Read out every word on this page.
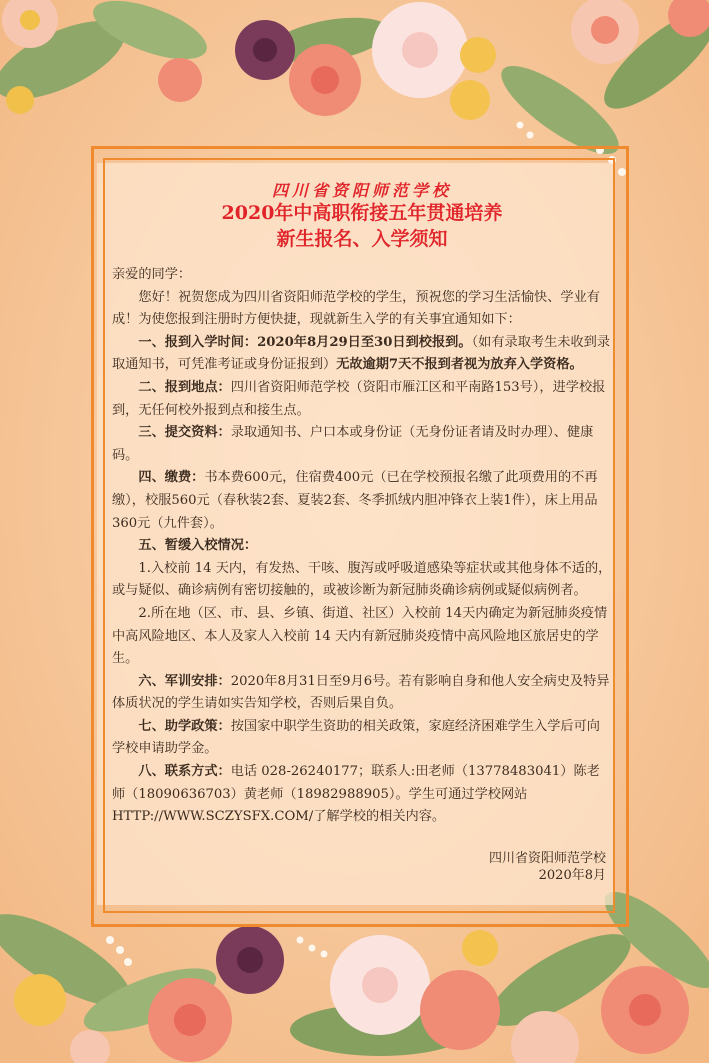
四川省资阳师范学校
2020年中高职衔接五年贯通培养
新生报名、入学须知

亲爱的同学：

您好！祝贺您成为四川省资阳师范学校的学生，预祝您的学习生活愉快、学业有成！为使您报到注册时方便快捷，现就新生入学的有关事宜通知如下：

一、报到入学时间：2020年8月29日至30日到校报到。（如有录取考生未收到录取通知书，可凭准考证或身份证报到）无故逾期7天不报到者视为放弃入学资格。

二、报到地点：四川省资阳师范学校（资阳市雁江区和平南路153号），进学校报到，无任何校外报到点和接生点。

三、提交资料：录取通知书、户口本或身份证（无身份证者请及时办理）、健康码。

四、缴费：书本费600元，住宿费400元（已在学校预报名缴了此项费用的不再缴），校服560元（春秋装2套、夏装2套、冬季抓绒内胆冲锋衣上装1件），床上用品360元（九件套）。

五、暂缓入校情况：

1.入校前 14 天内，有发热、干咳、腹泻或呼吸道感染等症状或其他身体不适的，或与疑似、确诊病例有密切接触的，或被诊断为新冠肺炎确诊病例或疑似病例者。

2.所在地（区、市、县、乡镇、街道、社区）入校前 14天内确定为新冠肺炎疫情中高风险地区、本人及家人入校前 14 天内有新冠肺炎疫情中高风险地区旅居史的学生。

六、军训安排：2020年8月31日至9月6号。若有影响自身和他人安全病史及特异体质状况的学生请如实告知学校，否则后果自负。

七、助学政策：按国家中职学生资助的相关政策，家庭经济困难学生入学后可向学校申请助学金。

八、联系方式：电话 028-26240177；联系人:田老师（13778483041）陈老师（18090636703）黄老师（18982988905）。学生可通过学校网站HTTP://WWW.SCZYSFX.COM/了解学校的相关内容。

四川省资阳师范学校
2020年8月
